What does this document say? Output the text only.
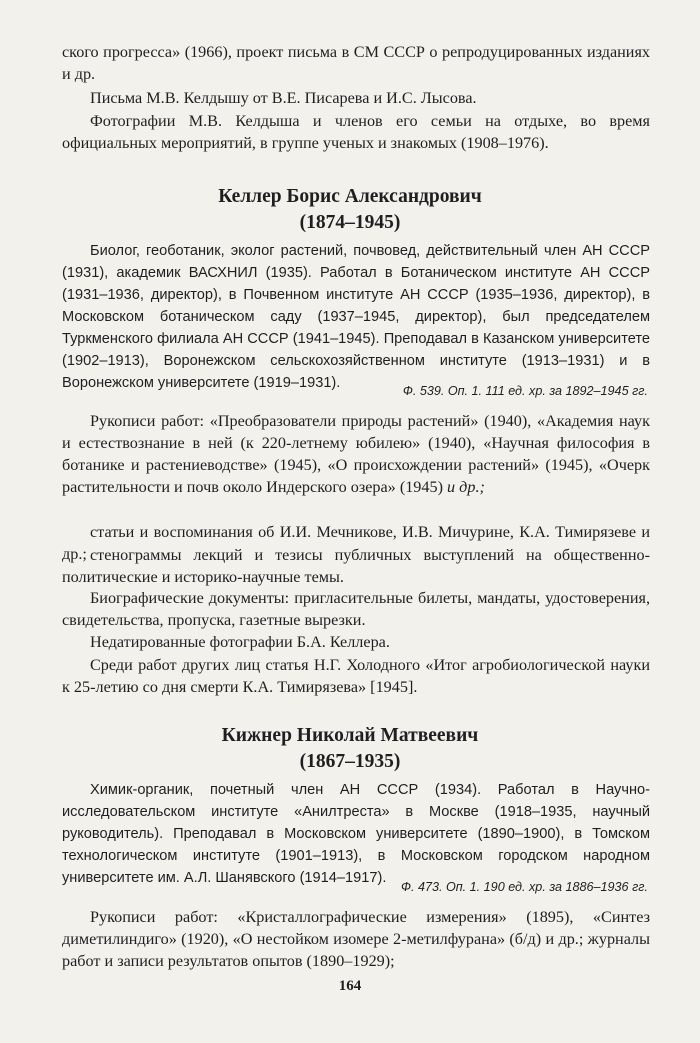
ского прогресса» (1966), проект письма в СМ СССР о репродуцированных изданиях и др.

Письма М.В. Келдышу от В.Е. Писарева и И.С. Лысова.

Фотографии М.В. Келдыша и членов его семьи на отдыхе, во время официальных мероприятий, в группе ученых и знакомых (1908–1976).

Келлер Борис Александрович

(1874–1945)

Биолог, геоботаник, эколог растений, почвовед, действительный член АН СССР (1931), академик ВАСХНИЛ (1935). Работал в Ботаническом институте АН СССР (1931–1936, директор), в Почвенном институте АН СССР (1935–1936, директор), в Московском ботаническом саду (1937–1945, директор), был председателем Туркменского филиала АН СССР (1941–1945). Преподавал в Казанском университете (1902–1913), Воронежском сельскохозяйственном институте (1913–1931) и в Воронежском университете (1919–1931).	Ф. 539. Оп. 1. 111 ед. хр. за 1892–1945 гг.

Рукописи работ: «Преобразователи природы растений» (1940), «Академия наук и естествознание в ней (к 220-летнему юбилею» (1940), «Научная философия в ботанике и растениеводстве» (1945), «О происхождении растений» (1945), «Очерк растительности и почв около Индерского озера» (1945) и др.;

статьи и воспоминания об И.И. Мечникове, И.В. Мичурине, К.А. Тимирязеве и др.; стенограммы лекций и тезисы публичных выступлений на общественно-политические и историко-научные темы.

Биографические документы: пригласительные билеты, мандаты, удостоверения, свидетельства, пропуска, газетные вырезки.

Недатированные фотографии Б.А. Келлера.

Среди работ других лиц статья Н.Г. Холодного «Итог агробиологической науки к 25-летию со дня смерти К.А. Тимирязева» [1945].

Кижнер Николай Матвеевич

(1867–1935)

Химик-органик, почетный член АН СССР (1934). Работал в Научно-исследовательском институте «Анилтреста» в Москве (1918–1935, научный руководитель). Преподавал в Московском университете (1890–1900), в Томском технологическом институте (1901–1913), в Московском городском народном университете им. А.Л. Шанявского (1914–1917).

Ф. 473. Оп. 1. 190 ед. хр. за 1886–1936 гг.

Рукописи работ: «Кристаллографические измерения» (1895), «Синтез диметилиндиго» (1920), «О нестойком изомере 2-метилфурана» (б/д) и др.; журналы работ и записи результатов опытов (1890–1929);

164
